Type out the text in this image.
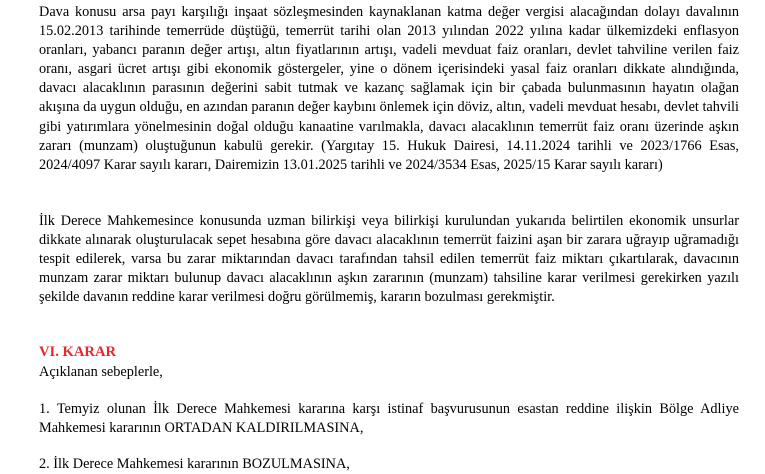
Dava konusu arsa payı karşılığı inşaat sözleşmesinden kaynaklanan katma değer vergisi alacağından dolayı davalının 15.02.2013 tarihinde temerrüde düştüğü, temerrüt tarihi olan 2013 yılından 2022 yılına kadar ülkemizdeki enflasyon oranları, yabancı paranın değer artışı, altın fiyatlarının artışı, vadeli mevduat faiz oranları, devlet tahviline verilen faiz oranı, asgari ücret artışı gibi ekonomik göstergeler, yine o dönem içerisindeki yasal faiz oranları dikkate alındığında, davacı alacaklının parasının değerini sabit tutmak ve kazanç sağlamak için bir çabada bulunmasının hayatın olağan akışına da uygun olduğu, en azından paranın değer kaybını önlemek için döviz, altın, vadeli mevduat hesabı, devlet tahvili gibi yatırımlara yönelmesinin doğal olduğu kanaatine varılmakla, davacı alacaklının temerrüt faiz oranı üzerinde aşkın zararı (munzam) oluştuğunun kabulü gerekir. (Yargıtay 15. Hukuk Dairesi, 14.11.2024 tarihli ve 2023/1766 Esas, 2024/4097 Karar sayılı kararı, Dairemizin 13.01.2025 tarihli ve 2024/3534 Esas, 2025/15 Karar sayılı kararı)

İlk Derece Mahkemesince konusunda uzman bilirkişi veya bilirkişi kurulundan yukarıda belirtilen ekonomik unsurlar dikkate alınarak oluşturulacak sepet hesabına göre davacı alacaklının temerrüt faizini aşan bir zarara uğrayıp uğramadığı tespit edilerek, varsa bu zarar miktarından davacı tarafından tahsil edilen temerrüt faiz miktarı çıkartılarak, davacının munzam zarar miktarı bulunup davacı alacaklının aşkın zararının (munzam) tahsiline karar verilmesi gerekirken yazılı şekilde davanın reddine karar verilmesi doğru görülmemiş, kararın bozulması gerekmiştir.

VI. KARAR

Açıklanan sebeplerle,

1. Temyiz olunan İlk Derece Mahkemesi kararına karşı istinaf başvurusunun esastan reddine ilişkin Bölge Adliye Mahkemesi kararının ORTADAN KALDIRILMASINA,

2. İlk Derece Mahkemesi kararının BOZULMASINA,
